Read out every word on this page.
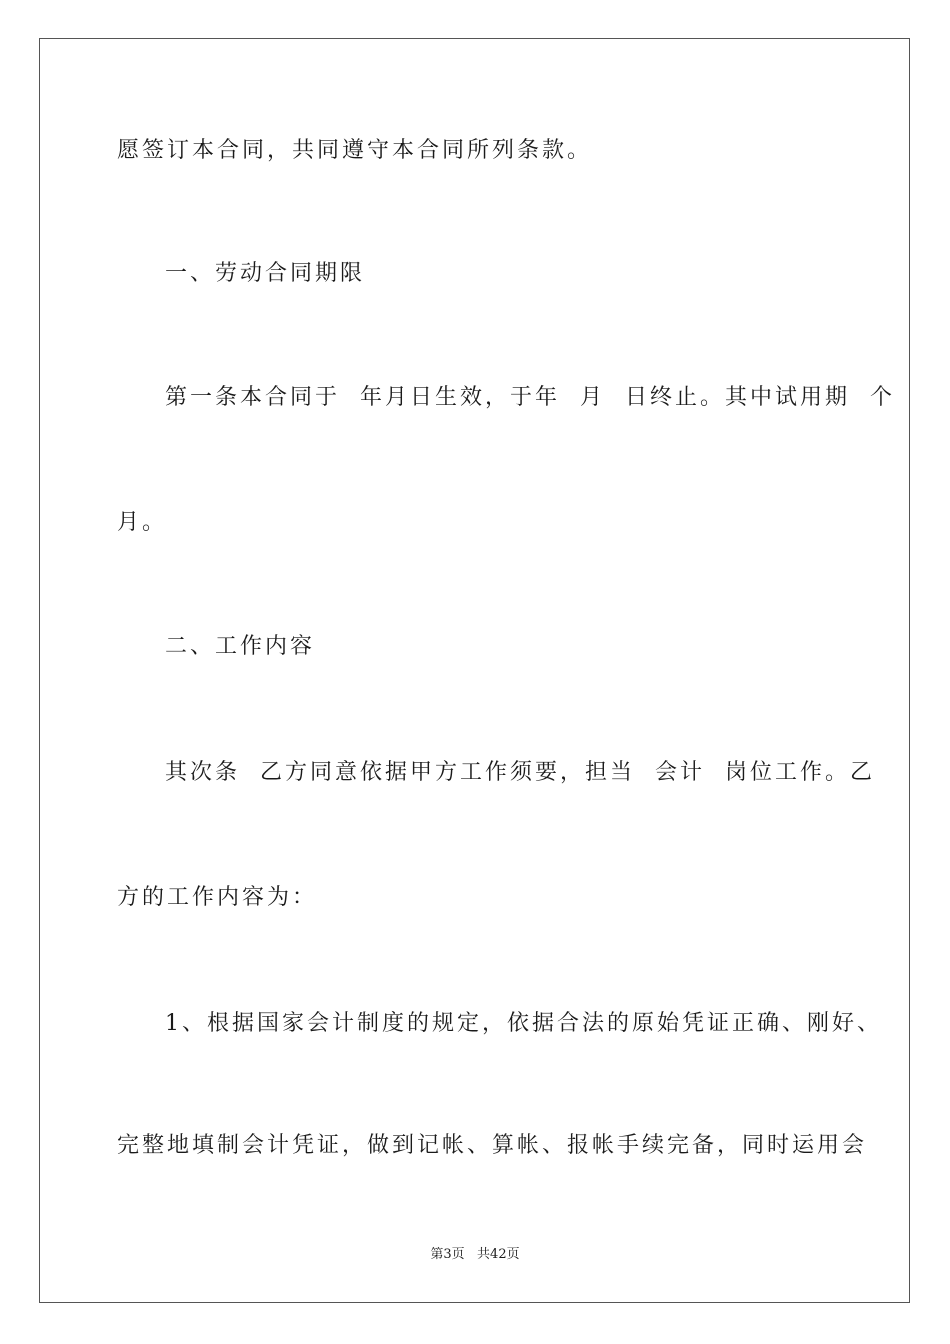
愿签订本合同，共同遵守本合同所列条款。
一、劳动合同期限
第一条本合同于  年月日生效，于年  月  日终止。其中试用期  个
月。
二、工作内容
其次条  乙方同意依据甲方工作须要，担当  会计  岗位工作。乙
方的工作内容为：
1、根据国家会计制度的规定，依据合法的原始凭证正确、刚好、
完整地填制会计凭证，做到记帐、算帐、报帐手续完备，同时运用会
第3页   共42页
